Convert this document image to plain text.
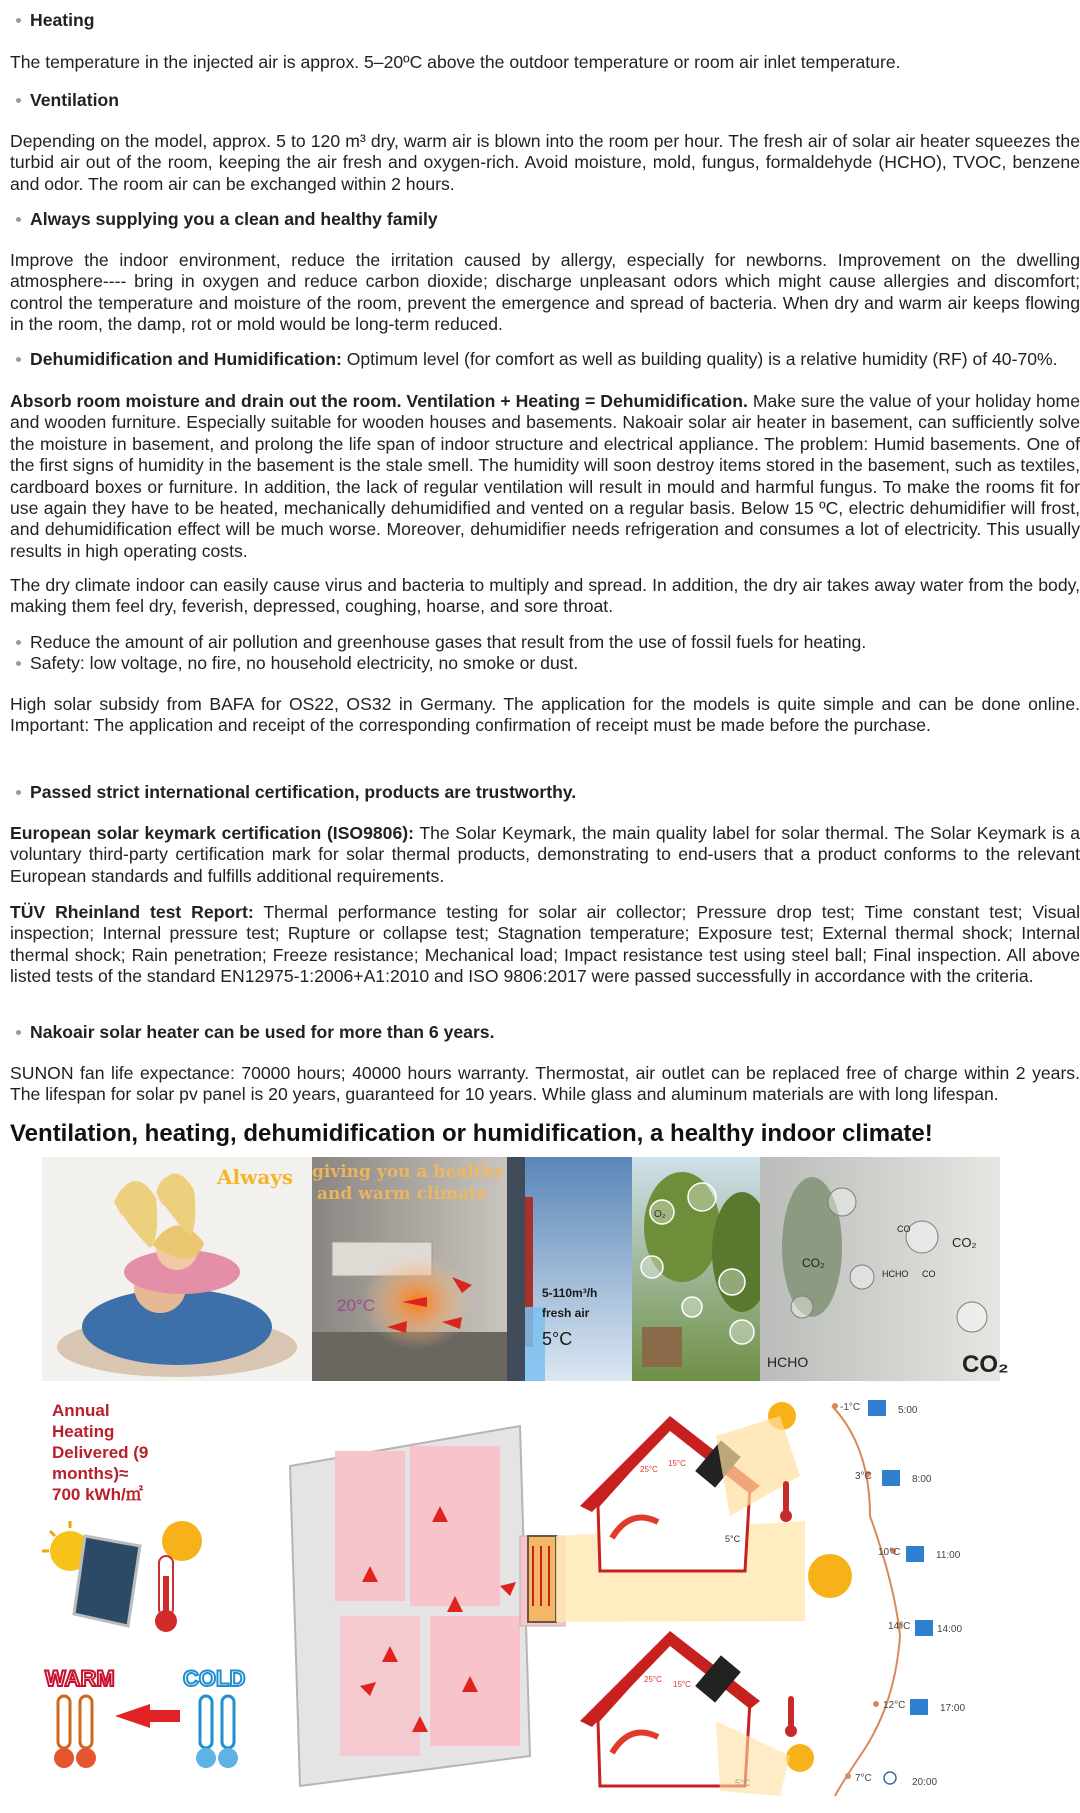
Heating

The temperature in the injected air is approx. 5–20ºC above the outdoor temperature or room air inlet temperature.

Ventilation

Depending on the model, approx. 5 to 120 m³ dry, warm air is blown into the room per hour. The fresh air of solar air heater squeezes the turbid air out of the room, keeping the air fresh and oxygen-rich. Avoid moisture, mold, fungus, formaldehyde (HCHO), TVOC, benzene and odor. The room air can be exchanged within 2 hours.

Always supplying you a clean and healthy family

Improve the indoor environment, reduce the irritation caused by allergy, especially for newborns. Improvement on the dwelling atmosphere---- bring in oxygen and reduce carbon dioxide; discharge unpleasant odors which might cause allergies and discomfort; control the temperature and moisture of the room, prevent the emergence and spread of bacteria. When dry and warm air keeps flowing in the room, the damp, rot or mold would be long-term reduced.

Dehumidification and Humidification: Optimum level (for comfort as well as building quality) is a relative humidity (RF) of 40-70%.

Absorb room moisture and drain out the room. Ventilation + Heating = Dehumidification. Make sure the value of your holiday home and wooden furniture. Especially suitable for wooden houses and basements. Nakoair solar air heater in basement, can sufficiently solve the moisture in basement, and prolong the life span of indoor structure and electrical appliance. The problem: Humid basements. One of the first signs of humidity in the basement is the stale smell. The humidity will soon destroy items stored in the basement, such as textiles, cardboard boxes or furniture. In addition, the lack of regular ventilation will result in mould and harmful fungus. To make the rooms fit for use again they have to be heated, mechanically dehumidified and vented on a regular basis. Below 15 ºC, electric dehumidifier will frost, and dehumidification effect will be much worse. Moreover, dehumidifier needs refrigeration and consumes a lot of electricity. This usually results in high operating costs.

The dry climate indoor can easily cause virus and bacteria to multiply and spread. In addition, the dry air takes away water from the body, making them feel dry, feverish, depressed, coughing, hoarse, and sore throat.

Reduce the amount of air pollution and greenhouse gases that result from the use of fossil fuels for heating.
Safety: low voltage, no fire, no household electricity, no smoke or dust.

High solar subsidy from BAFA for OS22, OS32 in Germany. The application for the models is quite simple and can be done online. Important: The application and receipt of the corresponding confirmation of receipt must be made before the purchase.

Passed strict international certification, products are trustworthy.

European solar keymark certification (ISO9806): The Solar Keymark, the main quality label for solar thermal. The Solar Keymark is a voluntary third-party certification mark for solar thermal products, demonstrating to end-users that a product conforms to the relevant European standards and fulfills additional requirements.

TÜV Rheinland test Report: Thermal performance testing for solar air collector; Pressure drop test; Time constant test; Visual inspection; Internal pressure test; Rupture or collapse test; Stagnation temperature; Exposure test; External thermal shock; Internal thermal shock; Rain penetration; Freeze resistance; Mechanical load; Impact resistance test using steel ball; Final inspection. All above listed tests of the standard EN12975-1:2006+A1:2010 and ISO 9806:2017 were passed successfully in accordance with the criteria.

Nakoair solar heater can be used for more than 6 years.

SUNON fan life expectance: 70000 hours; 40000 hours warranty. Thermostat, air outlet can be replaced free of charge within 2 years. The lifespan for solar pv panel is 20 years, guaranteed for 10 years. While glass and aluminum materials are with long lifespan.

Ventilation, heating, dehumidification or humidification, a healthy indoor climate!
20°C
5-110m³/h
fresh air
5°C
Always giving you a healthy
and warm climate
O₂
CO₂
CO₂
CO₂
HCHO
HCHO CO
CO
Annual
Heating
Delivered (9
months)≈
700 kWh/㎡
WARM	COLD
25°C
15°C
5°C
25°C
15°C
-1°C	5:00
3°C	8:00
10°C	11:00
14°C	14:00
12°C	17:00
7°C	20:00
